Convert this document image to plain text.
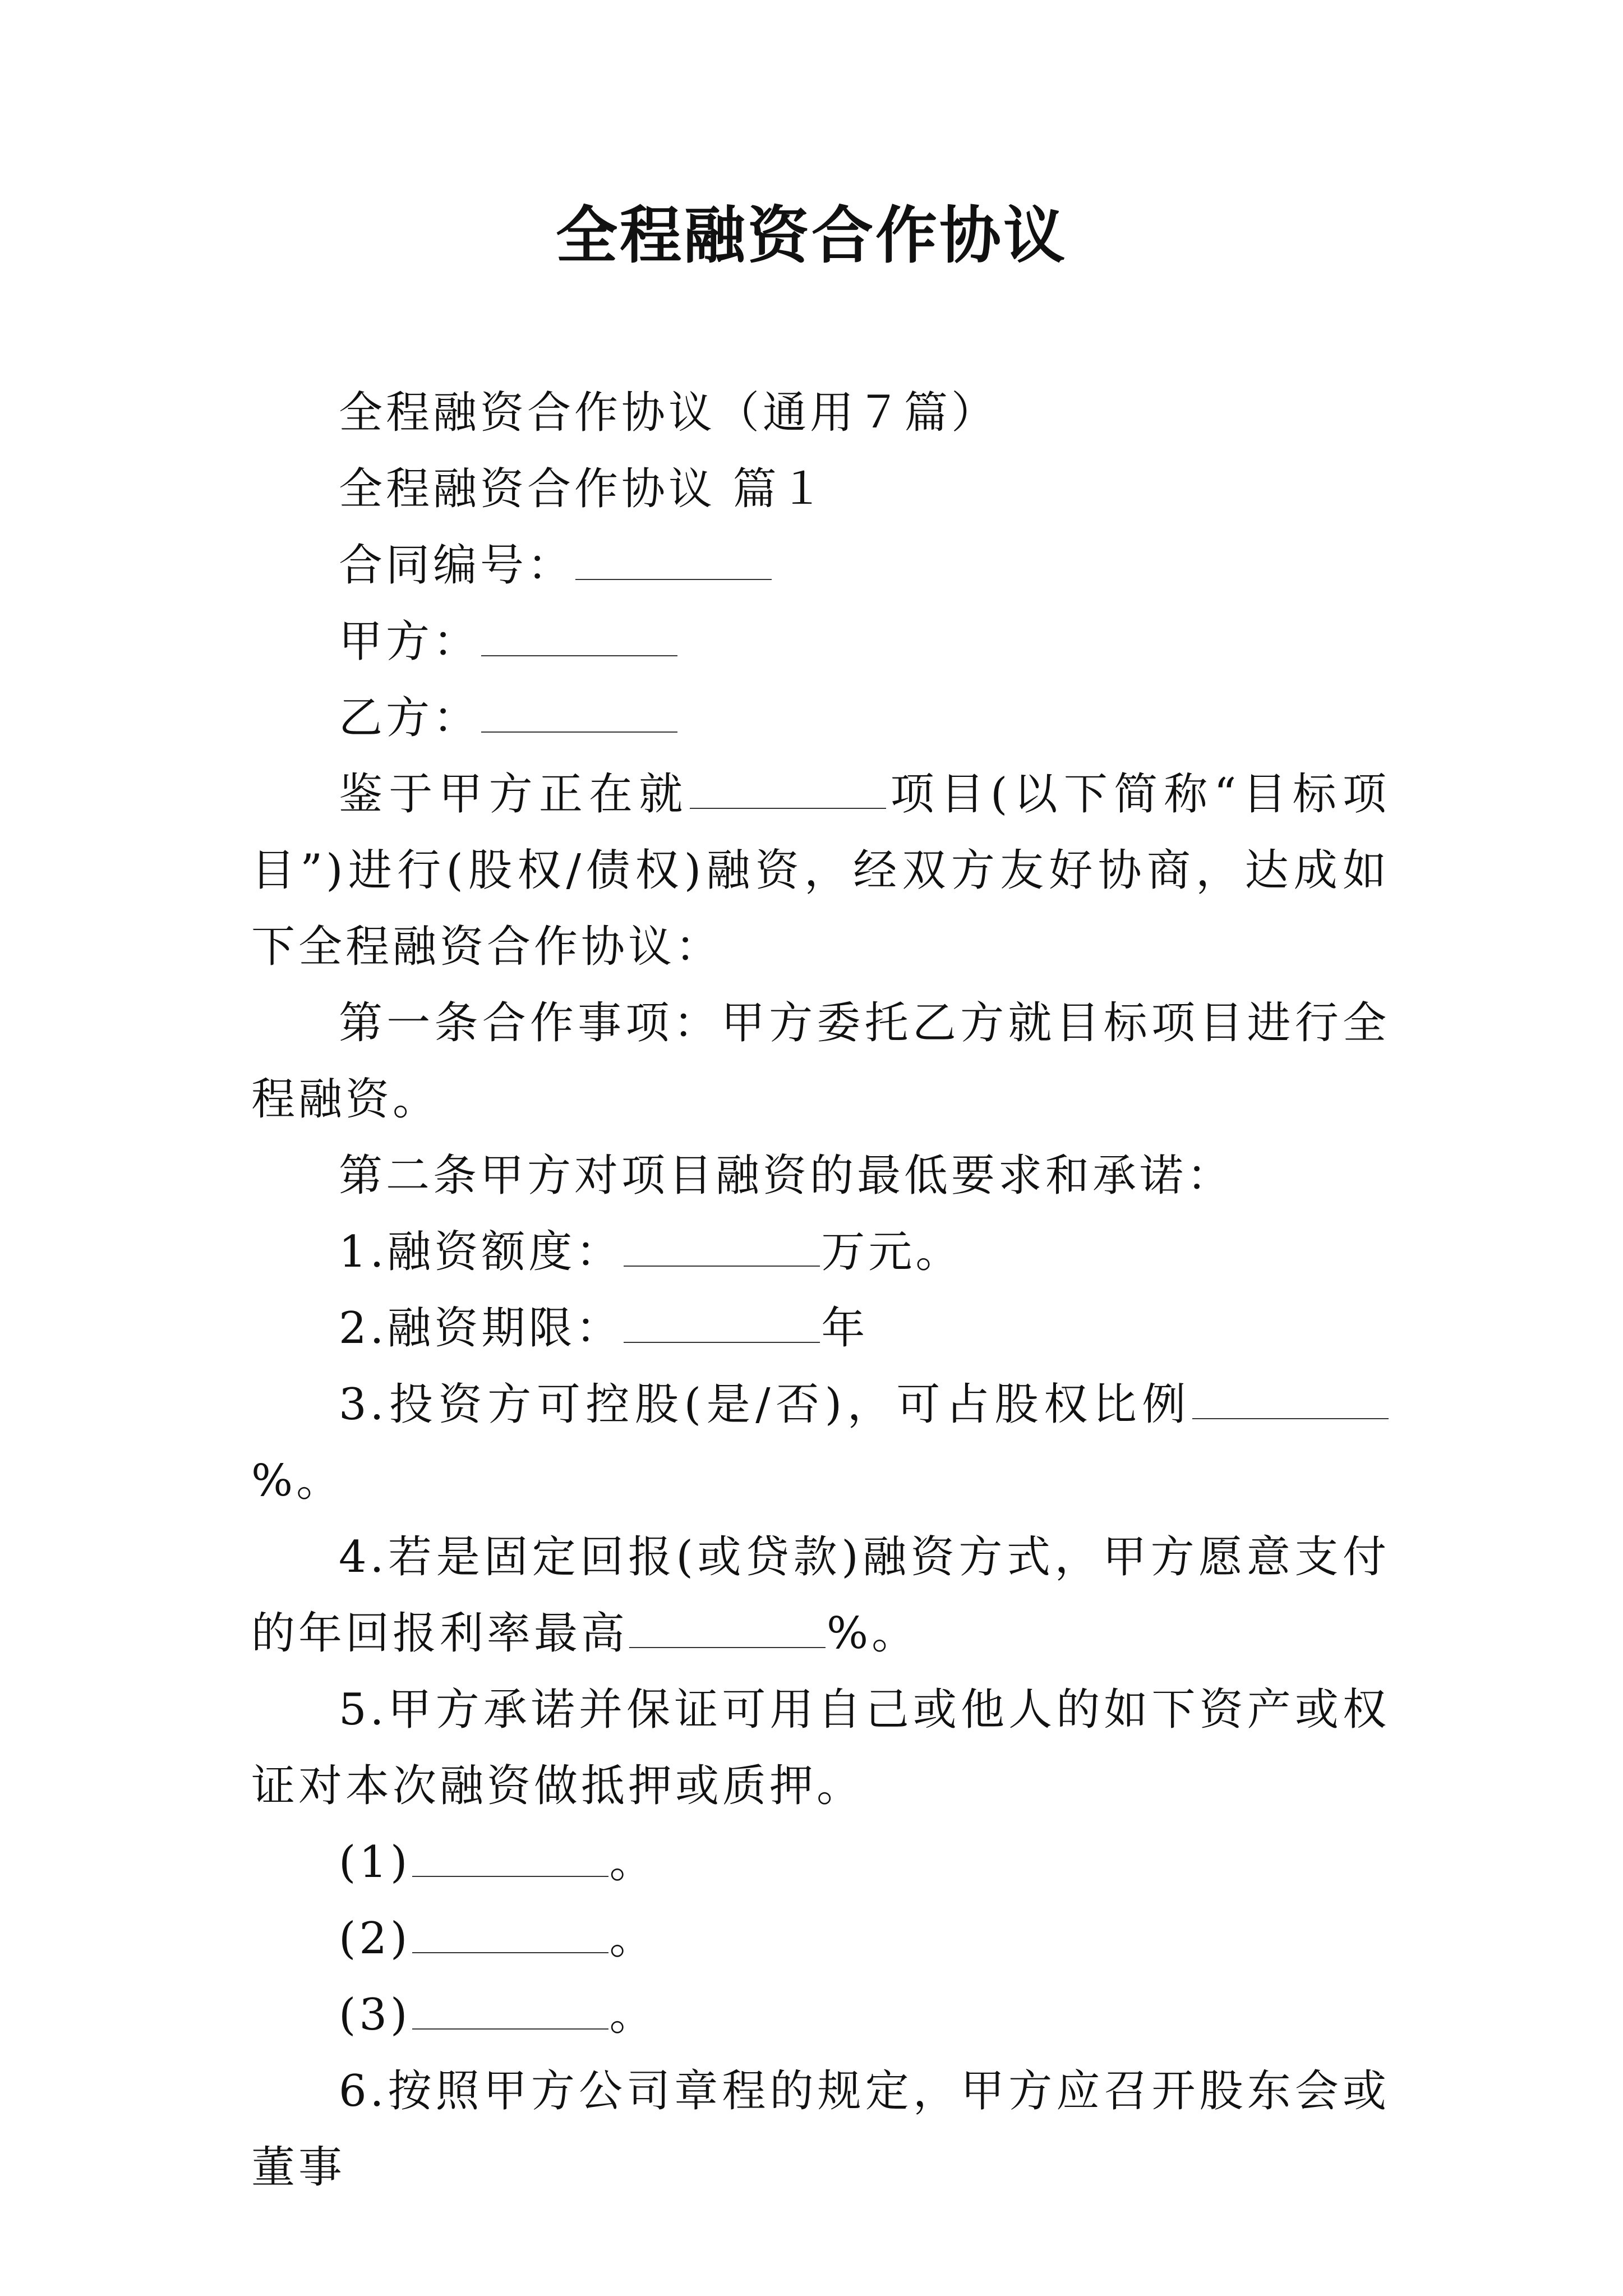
全程融资合作协议

全程融资合作协议（通用７篇）

全程融资合作协议 篇１

合同编号：

甲方：

乙方：

鉴于甲方正在就	项目(以下简称“目标项目”)进行(股权/债权)融资，经双方友好协商，达成如下全程融资合作协议：

第一条合作事项：甲方委托乙方就目标项目进行全程融资。

第二条甲方对项目融资的最低要求和承诺：

1.融资额度：	万元。

2.融资期限：	年

3.投资方可控股(是/否)，可占股权比例%。

4.若是固定回报(或贷款)融资方式，甲方愿意支付的年回报利率最高	%。

5.甲方承诺并保证可用自己或他人的如下资产或权证对本次融资做抵押或质押。

(1)	。

(2)	。

(3)	。

6.按照甲方公司章程的规定，甲方应召开股东会或董事
